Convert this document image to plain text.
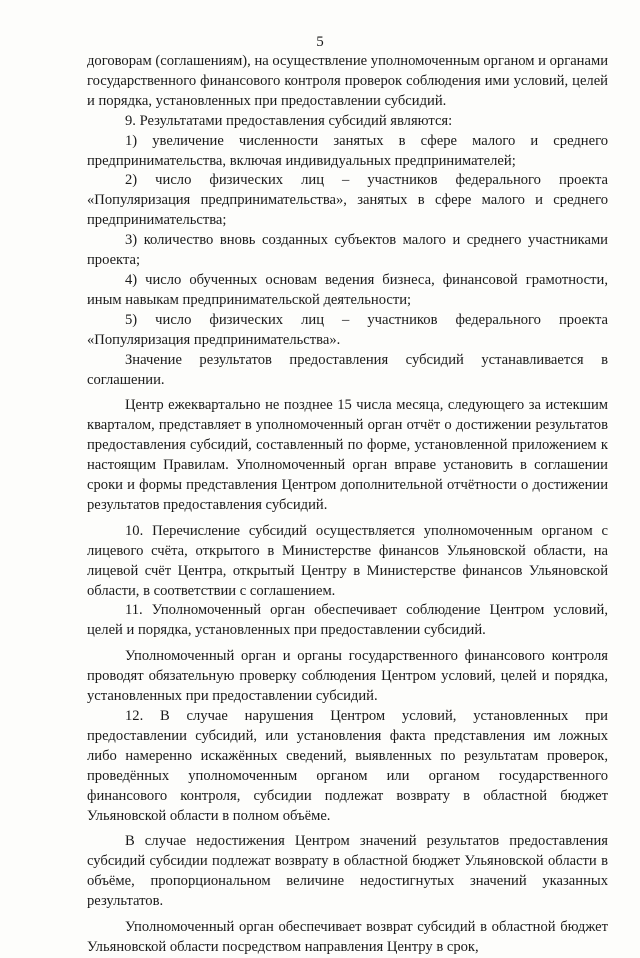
5

договорам (соглашениям), на осуществление уполномоченным органом и органами государственного финансового контроля проверок соблюдения ими условий, целей и порядка, установленных при предоставлении субсидий.

9. Результатами предоставления субсидий являются:

1) увеличение численности занятых в сфере малого и среднего предпринимательства, включая индивидуальных предпринимателей;

2) число физических лиц – участников федерального проекта «Популяризация предпринимательства», занятых в сфере малого и среднего предпринимательства;

3) количество вновь созданных субъектов малого и среднего участниками проекта;

4) число обученных основам ведения бизнеса, финансовой грамотности, иным навыкам предпринимательской деятельности;

5) число физических лиц – участников федерального проекта «Популяризация предпринимательства».

Значение результатов предоставления субсидий устанавливается в соглашении.

Центр ежеквартально не позднее 15 числа месяца, следующего за истекшим кварталом, представляет в уполномоченный орган отчёт о достижении результатов предоставления субсидий, составленный по форме, установленной приложением к настоящим Правилам. Уполномоченный орган вправе установить в соглашении сроки и формы представления Центром дополнительной отчётности о достижении результатов предоставления субсидий.

10. Перечисление субсидий осуществляется уполномоченным органом с лицевого счёта, открытого в Министерстве финансов Ульяновской области, на лицевой счёт Центра, открытый Центру в Министерстве финансов Ульяновской области, в соответствии с соглашением.

11. Уполномоченный орган обеспечивает соблюдение Центром условий, целей и порядка, установленных при предоставлении субсидий.

Уполномоченный орган и органы государственного финансового контроля проводят обязательную проверку соблюдения Центром условий, целей и порядка, установленных при предоставлении субсидий.

12. В случае нарушения Центром условий, установленных при предоставлении субсидий, или установления факта представления им ложных либо намеренно искажённых сведений, выявленных по результатам проверок, проведённых уполномоченным органом или органом государственного финансового контроля, субсидии подлежат возврату в областной бюджет Ульяновской области в полном объёме.

В случае недостижения Центром значений результатов предоставления субсидий субсидии подлежат возврату в областной бюджет Ульяновской области в объёме, пропорциональном величине недостигнутых значений указанных результатов.

Уполномоченный орган обеспечивает возврат субсидий в областной бюджет Ульяновской области посредством направления Центру в срок,
